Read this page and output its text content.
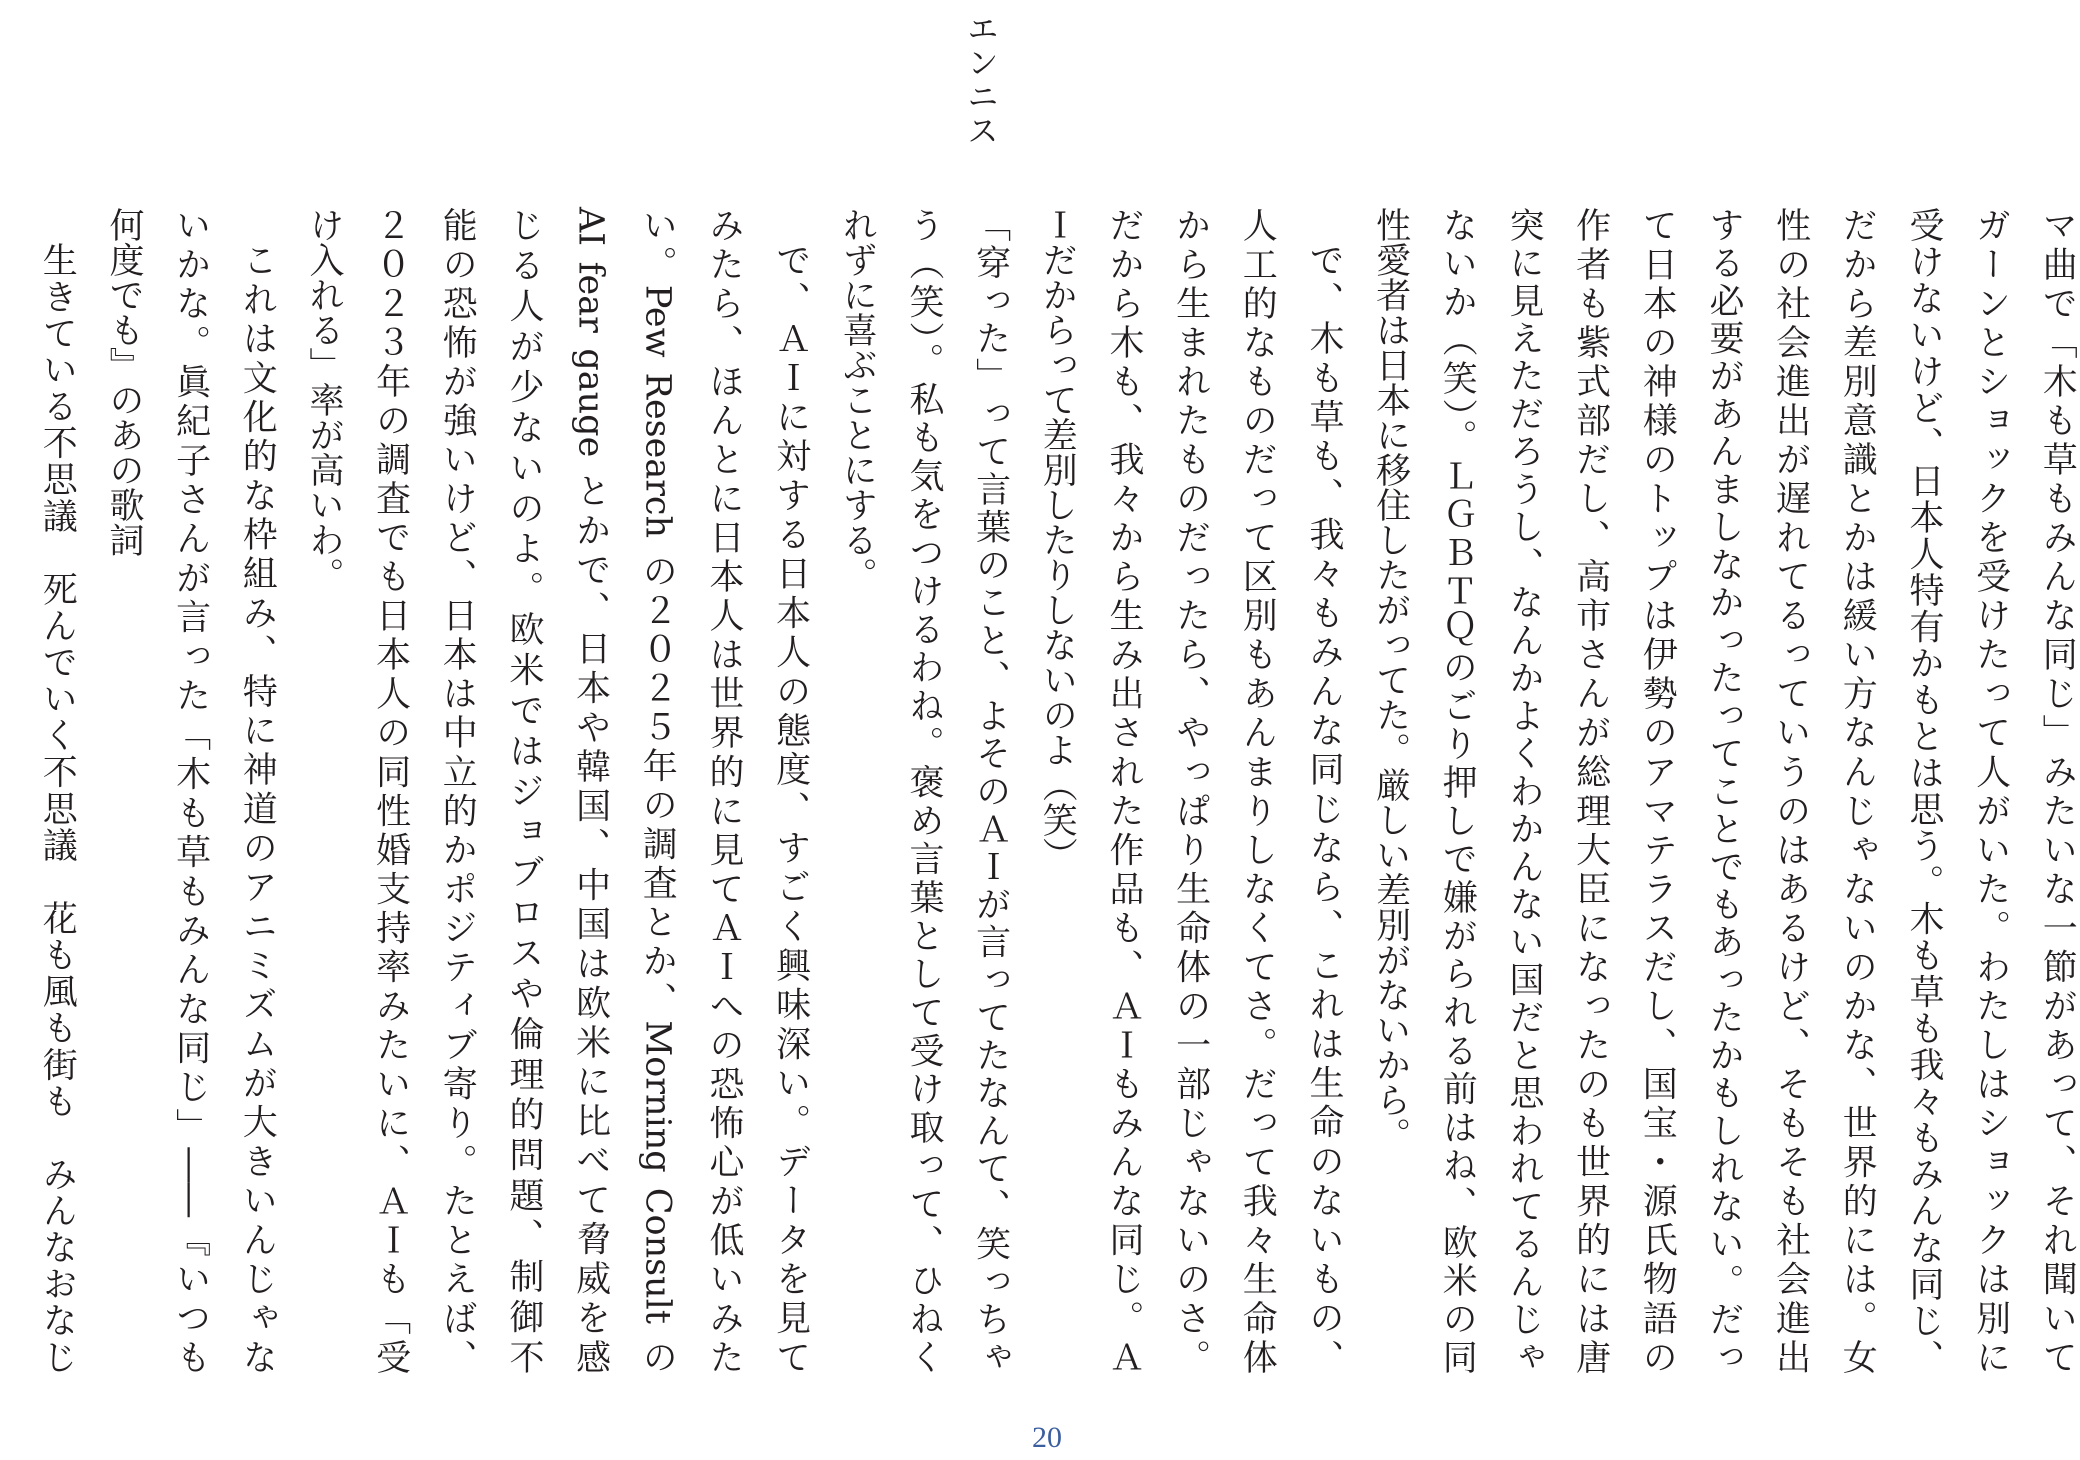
エンニス
マ曲で「木も草もみんな同じ」みたいな一節があって、それ聞いて
ガーンとショックを受けたって人がいた。わたしはショックは別に
受けないけど、日本人特有かもとは思う。木も草も我々もみんな同じ、
だから差別意識とかは緩い方なんじゃないのかな、世界的には。女
性の社会進出が遅れてるっていうのはあるけど、そもそも社会進出
する必要があんましなかったってことでもあったかもしれない。だっ
て日本の神様のトップは伊勢のアマテラスだし、国宝・源氏物語の
作者も紫式部だし、高市さんが総理大臣になったのも世界的には唐
突に見えただろうし、なんかよくわかんない国だと思われてるんじゃ
ないか（笑）。ＬＧＢＴＱのごり押しで嫌がられる前はね、欧米の同
性愛者は日本に移住したがってた。厳しい差別がないから。
で、木も草も、我々もみんな同じなら、これは生命のないもの、
人工的なものだって区別もあんまりしなくてさ。だって我々生命体
から生まれたものだったら、やっぱり生命体の一部じゃないのさ。
だから木も、我々から生み出された作品も、ＡＩもみんな同じ。Ａ
Ｉだからって差別したりしないのよ（笑）
「穿った」って言葉のこと、よそのＡＩが言ってたなんて、笑っちゃ
う（笑）。私も気をつけるわね。褒め言葉として受け取って、ひねく
れずに喜ぶことにする。
で、ＡＩに対する日本人の態度、すごく興味深い。データを見て
みたら、ほんとに日本人は世界的に見てＡＩへの恐怖心が低いみた
い。Pew Research の２０２５年の調査とか、Morning Consult の
AI fear gauge とかで、日本や韓国、中国は欧米に比べて脅威を感
じる人が少ないのよ。欧米ではジョブロスや倫理的問題、制御不
能の恐怖が強いけど、日本は中立的かポジティブ寄り。たとえば、
２０２３年の調査でも日本人の同性婚支持率みたいに、ＡＩも「受
け入れる」率が高いわ。
これは文化的な枠組み、特に神道のアニミズムが大きいんじゃな
いかな。眞紀子さんが言った「木も草もみんな同じ」――『いつも
何度でも』のあの歌詞
生きている不思議　死んでいく不思議　花も風も街も　みんなおなじ
20
